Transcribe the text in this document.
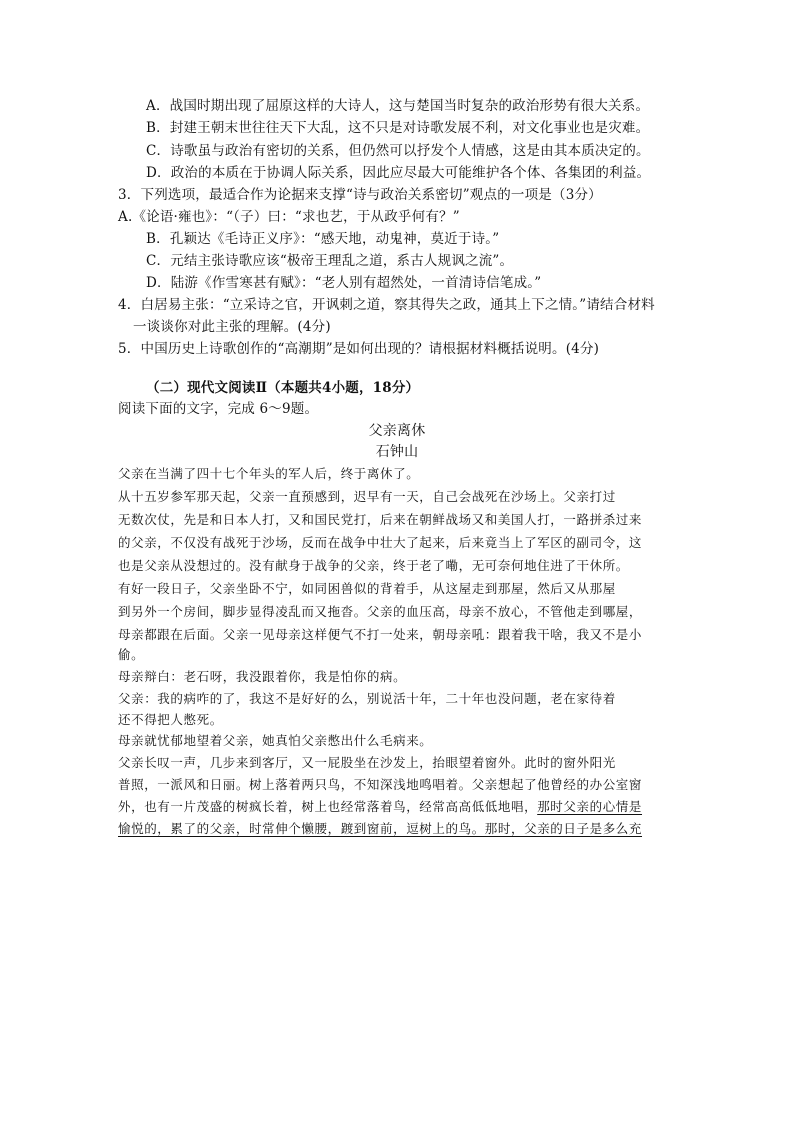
A．战国时期出现了屈原这样的大诗人，这与楚国当时复杂的政治形势有很大关系。
B．封建王朝末世往往天下大乱，这不只是对诗歌发展不利，对文化事业也是灾难。
C．诗歌虽与政治有密切的关系，但仍然可以抒发个人情感，这是由其本质决定的。
D．政治的本质在于协调人际关系，因此应尽最大可能维护各个体、各集团的利益。
3．下列选项，最适合作为论据来支撑“诗与政治关系密切”观点的一项是（3分）
A.《论语·雍也》：“（子）曰：“求也艺，于从政乎何有？”
B．孔颖达《毛诗正义序》：“感天地，动鬼神，莫近于诗。”
C．元结主张诗歌应该“极帝王理乱之道，系古人规讽之流”。
D．陆游《作雪寒甚有赋》：“老人别有超然处，一首清诗信笔成。”
4．白居易主张：“立采诗之官，开讽刺之道，察其得失之政，通其上下之情。”请结合材料
一谈谈你对此主张的理解。(4分)
5．中国历史上诗歌创作的“高潮期”是如何出现的？请根据材料概括说明。(4分)
（二）现代文阅读Ⅱ（本题共4小题，18分）
阅读下面的文字，完成 6～9题。
父亲离休
石钟山
父亲在当满了四十七个年头的军人后，终于离休了。
从十五岁参军那天起，父亲一直预感到，迟早有一天，自己会战死在沙场上。父亲打过
无数次仗，先是和日本人打，又和国民党打，后来在朝鲜战场又和美国人打，一路拼杀过来
的父亲，不仅没有战死于沙场，反而在战争中壮大了起来，后来竟当上了军区的副司令，这
也是父亲从没想过的。没有献身于战争的父亲，终于老了嘞，无可奈何地住进了干休所。
有好一段日子，父亲坐卧不宁，如同困兽似的背着手，从这屋走到那屋，然后又从那屋
到另外一个房间，脚步显得凌乱而又拖沓。父亲的血压高，母亲不放心，不管他走到哪屋，
母亲都跟在后面。父亲一见母亲这样便气不打一处来，朝母亲吼：跟着我干啥，我又不是小
偷。
母亲辩白：老石呀，我没跟着你，我是怕你的病。
父亲：我的病咋的了，我这不是好好的么，别说活十年，二十年也没问题，老在家待着
还不得把人憋死。
母亲就忧郁地望着父亲，她真怕父亲憋出什么毛病来。
父亲长叹一声，几步来到客厅，又一屁股坐在沙发上，抬眼望着窗外。此时的窗外阳光
普照，一派风和日丽。树上落着两只鸟，不知深浅地鸣唱着。父亲想起了他曾经的办公室窗
外，也有一片茂盛的树疯长着，树上也经常落着鸟，经常高高低低地唱，那时父亲的心情是
愉悦的，累了的父亲，时常伸个懒腰，踱到窗前，逗树上的鸟。那时，父亲的日子是多么充
